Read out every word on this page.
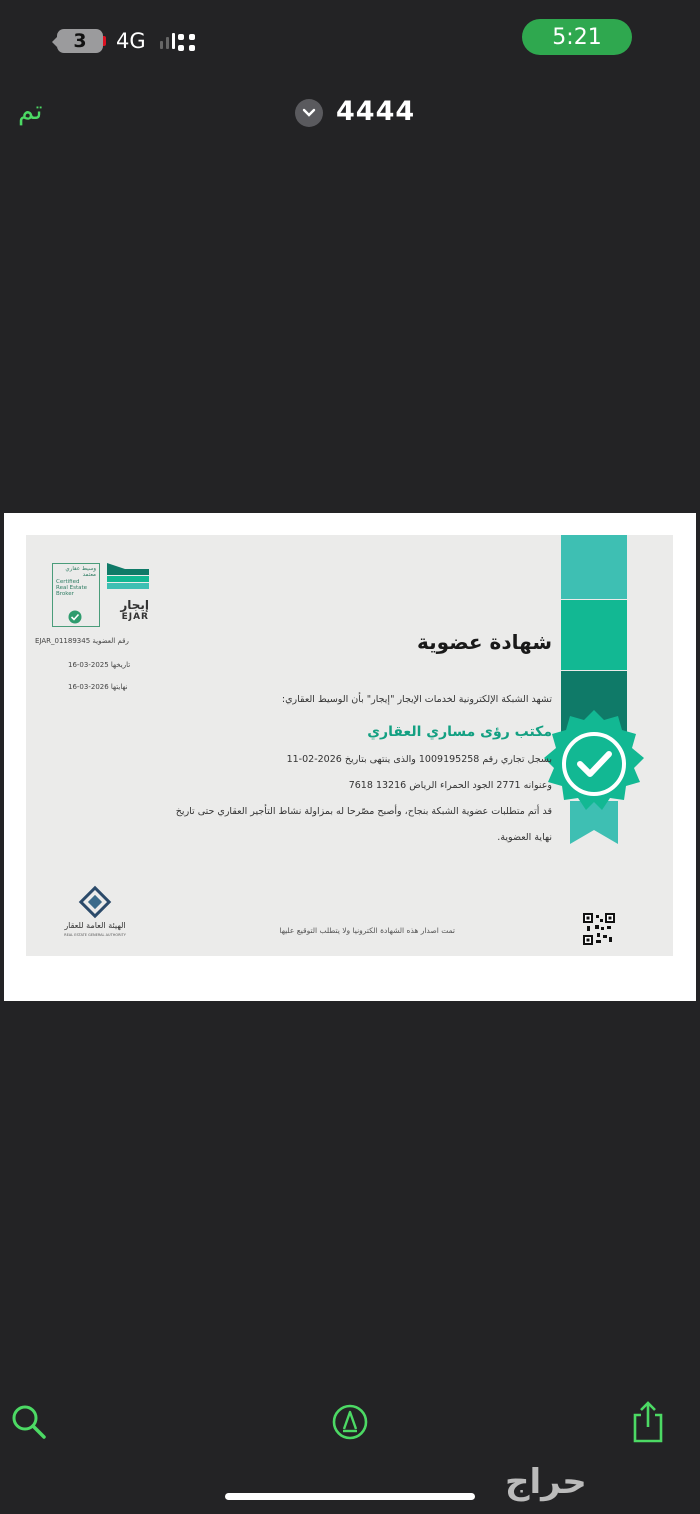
3	4G	5:21
تم	4444
شهادة عضوية
تشهد الشبكة الإلكترونية لخدمات الإيجار "إيجار" بأن الوسيط العقاري:
مكتب رؤى مساري العقاري
بسجل تجاري رقم 1009195258 والذى ينتهى بتاريخ 2026-02-11
وعنوانه 2771 الجود الحمراء الرياض 13216 7618
قد أتم متطلبات عضوية الشبكة بنجاح، وأصبح مصّرحا له بمزاولة نشاط التأجير العقاري حتى تاريخ
نهاية العضوية.
تمت اصدار هذه الشهادة الكترونيا ولا يتطلب التوقيع عليها
EJAR_01189345 رقم العضوية
16-03-2025 تاريخها
16-03-2026 نهايتها
وسيط عقاري
معتمد
Certified
Real Estate
Broker
إيجار
EJAR
الهيئة العامة للعقار
REAL ESTATE GENERAL AUTHORITY
حراج
